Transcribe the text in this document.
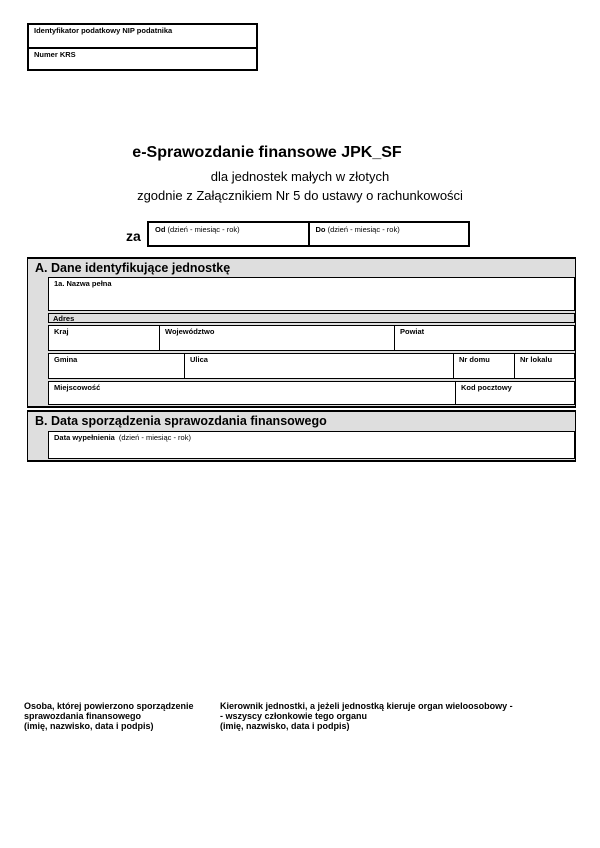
Identyfikator podatkowy NIP podatnika
Numer KRS
e-Sprawozdanie finansowe JPK_SF
dla jednostek małych w złotych
zgodnie z Załącznikiem Nr 5 do ustawy o rachunkowości
za	Od (dzień - miesiąc - rok)	Do (dzień - miesiąc - rok)
A. Dane identyfikujące jednostkę
1a. Nazwa pełna
Adres
Kraj	Województwo	Powiat
Gmina	Ulica	Nr domu	Nr lokalu
Miejscowość	Kod pocztowy
B. Data sporządzenia sprawozdania finansowego
Data wypełnienia (dzień - miesiąc - rok)
Osoba, której powierzono sporządzenie
sprawozdania finansowego
(imię, nazwisko, data i podpis)
Kierownik jednostki, a jeżeli jednostką kieruje organ wieloosobowy -
- wszyscy członkowie tego organu
(imię, nazwisko, data i podpis)
